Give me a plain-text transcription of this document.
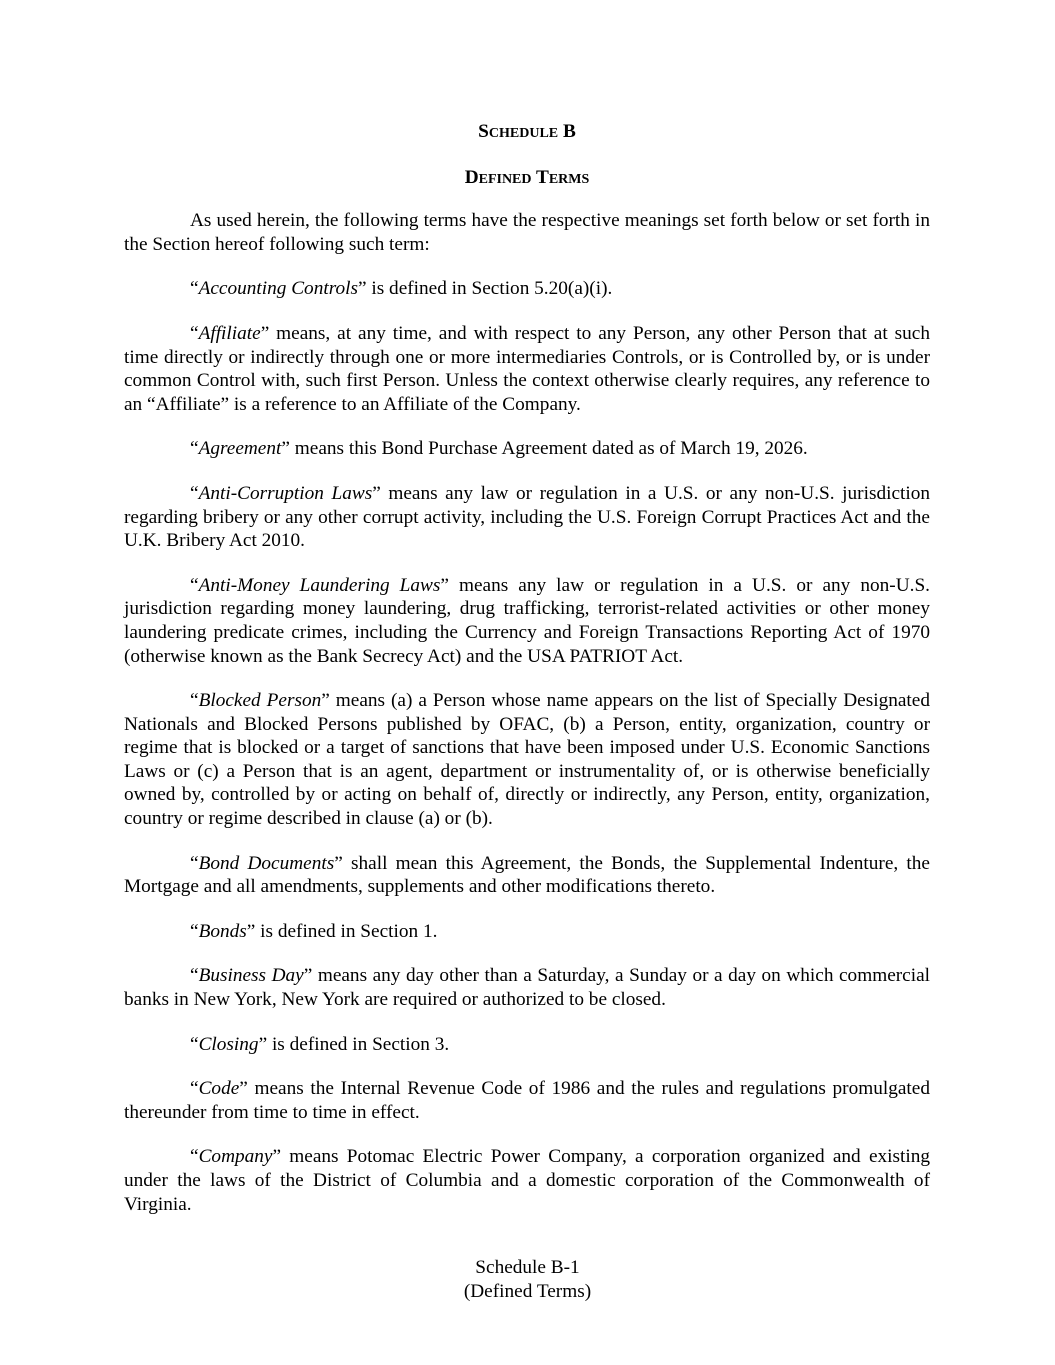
Schedule B
Defined Terms

As used herein, the following terms have the respective meanings set forth below or set forth in the Section hereof following such term:

“Accounting Controls” is defined in Section 5.20(a)(i).

“Affiliate” means, at any time, and with respect to any Person, any other Person that at such time directly or indirectly through one or more intermediaries Controls, or is Controlled by, or is under common Control with, such first Person. Unless the context otherwise clearly requires, any reference to an “Affiliate” is a reference to an Affiliate of the Company.

“Agreement” means this Bond Purchase Agreement dated as of March 19, 2026.

“Anti-Corruption Laws” means any law or regulation in a U.S. or any non-U.S. jurisdiction regarding bribery or any other corrupt activity, including the U.S. Foreign Corrupt Practices Act and the U.K. Bribery Act 2010.

“Anti-Money Laundering Laws” means any law or regulation in a U.S. or any non-U.S. jurisdiction regarding money laundering, drug trafficking, terrorist-related activities or other money laundering predicate crimes, including the Currency and Foreign Transactions Reporting Act of 1970 (otherwise known as the Bank Secrecy Act) and the USA PATRIOT Act.

“Blocked Person” means (a) a Person whose name appears on the list of Specially Designated Nationals and Blocked Persons published by OFAC, (b) a Person, entity, organization, country or regime that is blocked or a target of sanctions that have been imposed under U.S. Economic Sanctions Laws or (c) a Person that is an agent, department or instrumentality of, or is otherwise beneficially owned by, controlled by or acting on behalf of, directly or indirectly, any Person, entity, organization, country or regime described in clause (a) or (b).

“Bond Documents” shall mean this Agreement, the Bonds, the Supplemental Indenture, the Mortgage and all amendments, supplements and other modifications thereto.

“Bonds” is defined in Section 1.

“Business Day” means any day other than a Saturday, a Sunday or a day on which commercial banks in New York, New York are required or authorized to be closed.

“Closing” is defined in Section 3.

“Code” means the Internal Revenue Code of 1986 and the rules and regulations promulgated thereunder from time to time in effect.

“Company” means Potomac Electric Power Company, a corporation organized and existing under the laws of the District of Columbia and a domestic corporation of the Commonwealth of Virginia.

Schedule B-1
(Defined Terms)
